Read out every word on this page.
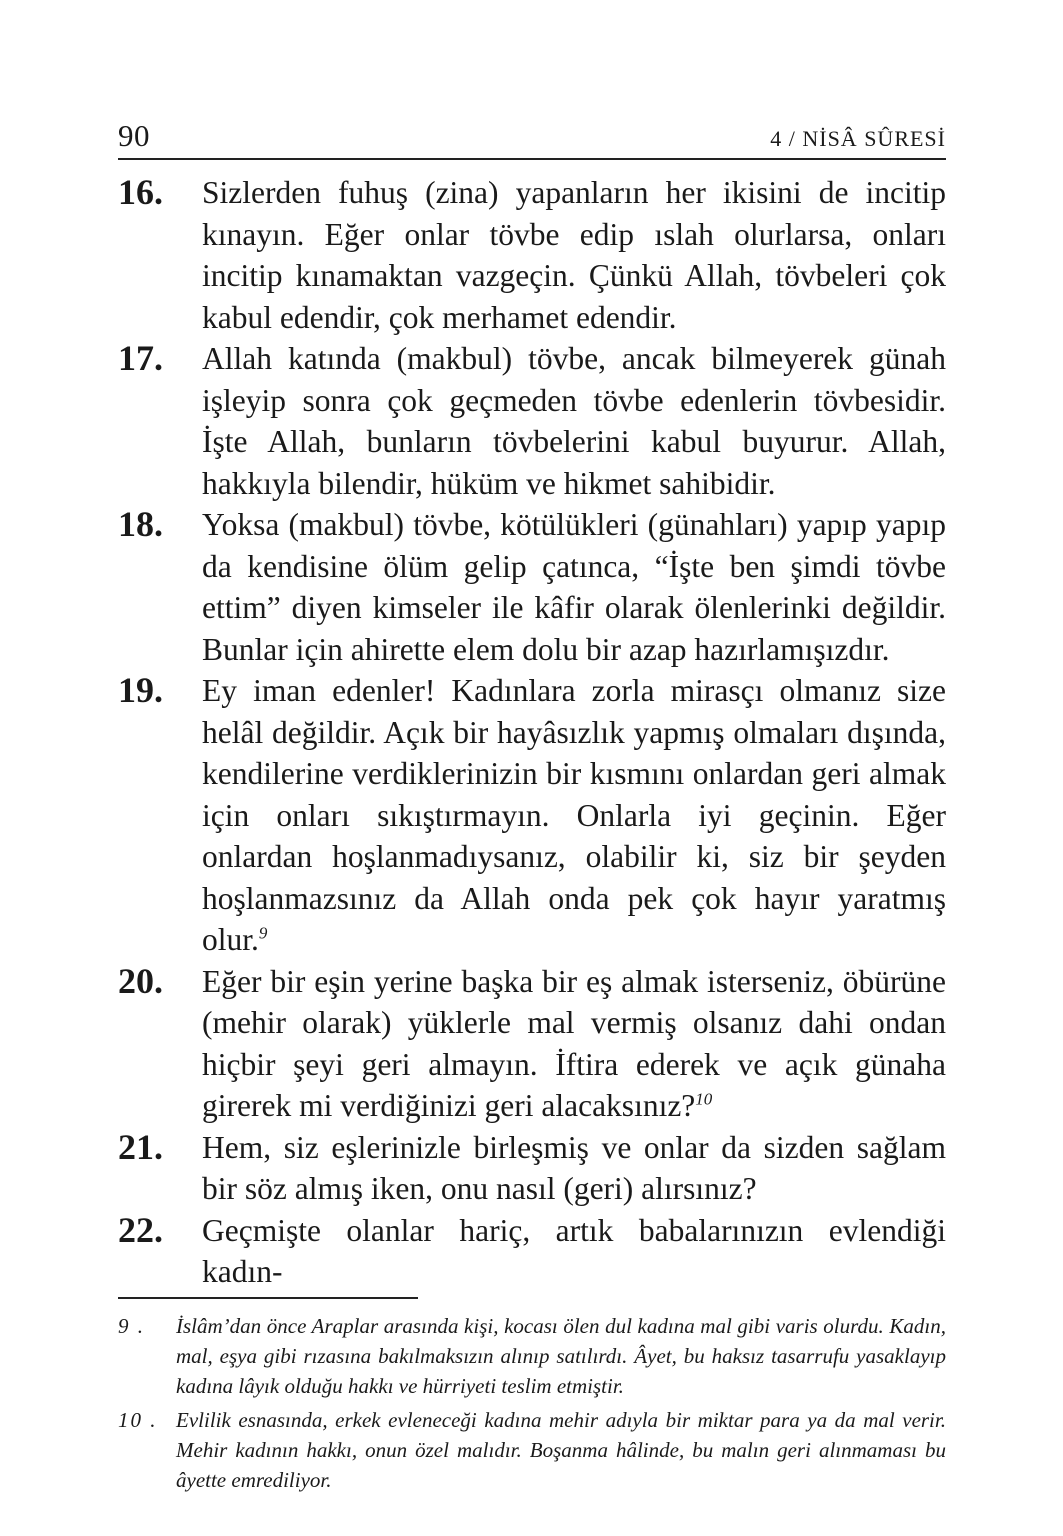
90	4 / NİSÂ SÛRESİ
16.	Sizlerden fuhuş (zina) yapanların her ikisini de incitip kınayın. Eğer onlar tövbe edip ıslah olurlarsa, onları incitip kınamaktan vazgeçin. Çünkü Allah, tövbeleri çok kabul edendir, çok merhamet edendir.

17.	Allah katında (makbul) tövbe, ancak bilmeyerek günah işleyip sonra çok geçmeden tövbe edenlerin tövbesidir. İşte Allah, bunların tövbelerini kabul buyurur. Allah, hakkıyla bilendir, hüküm ve hikmet sahibidir.

18.	Yoksa (makbul) tövbe, kötülükleri (günahları) yapıp yapıp da kendisine ölüm gelip çatınca, “İşte ben şimdi tövbe ettim” diyen kimseler ile kâfir olarak ölenlerinki değildir. Bunlar için ahirette elem dolu bir azap hazırlamışızdır.

19.	Ey iman edenler! Kadınlara zorla mirasçı olmanız size helâl değildir. Açık bir hayâsızlık yapmış olmaları dışında, kendilerine verdiklerinizin bir kısmını onlardan geri almak için onları sıkıştırmayın. Onlarla iyi geçinin. Eğer onlardan hoşlanmadıysanız, olabilir ki, siz bir şeyden hoşlanmazsınız da Allah onda pek çok hayır yaratmış olur.$^9$

20.	Eğer bir eşin yerine başka bir eş almak isterseniz, öbürüne (mehir olarak) yüklerle mal vermiş olsanız dahi ondan hiçbir şeyi geri almayın. İftira ederek ve açık günaha girerek mi verdiğinizi geri alacaksınız?$^{10}$

21.	Hem, siz eşlerinizle birleşmiş ve onlar da sizden sağlam bir söz almış iken, onu nasıl (geri) alırsınız?

22.	Geçmişte olanlar hariç, artık babalarınızın evlendiği kadın-

9 .	İslâm’dan önce Araplar arasında kişi, kocası ölen dul kadına mal gibi varis olurdu. Kadın, mal, eşya gibi rızasına bakılmaksızın alınıp satılırdı. Âyet, bu haksız tasarrufu yasaklayıp kadına lâyık olduğu hakkı ve hürriyeti teslim etmiştir.

10 . Evlilik esnasında, erkek evleneceği kadına mehir adıyla bir miktar para ya da mal verir. Mehir kadının hakkı, onun özel malıdır. Boşanma hâlinde, bu malın geri alınmaması bu âyette emrediliyor.
